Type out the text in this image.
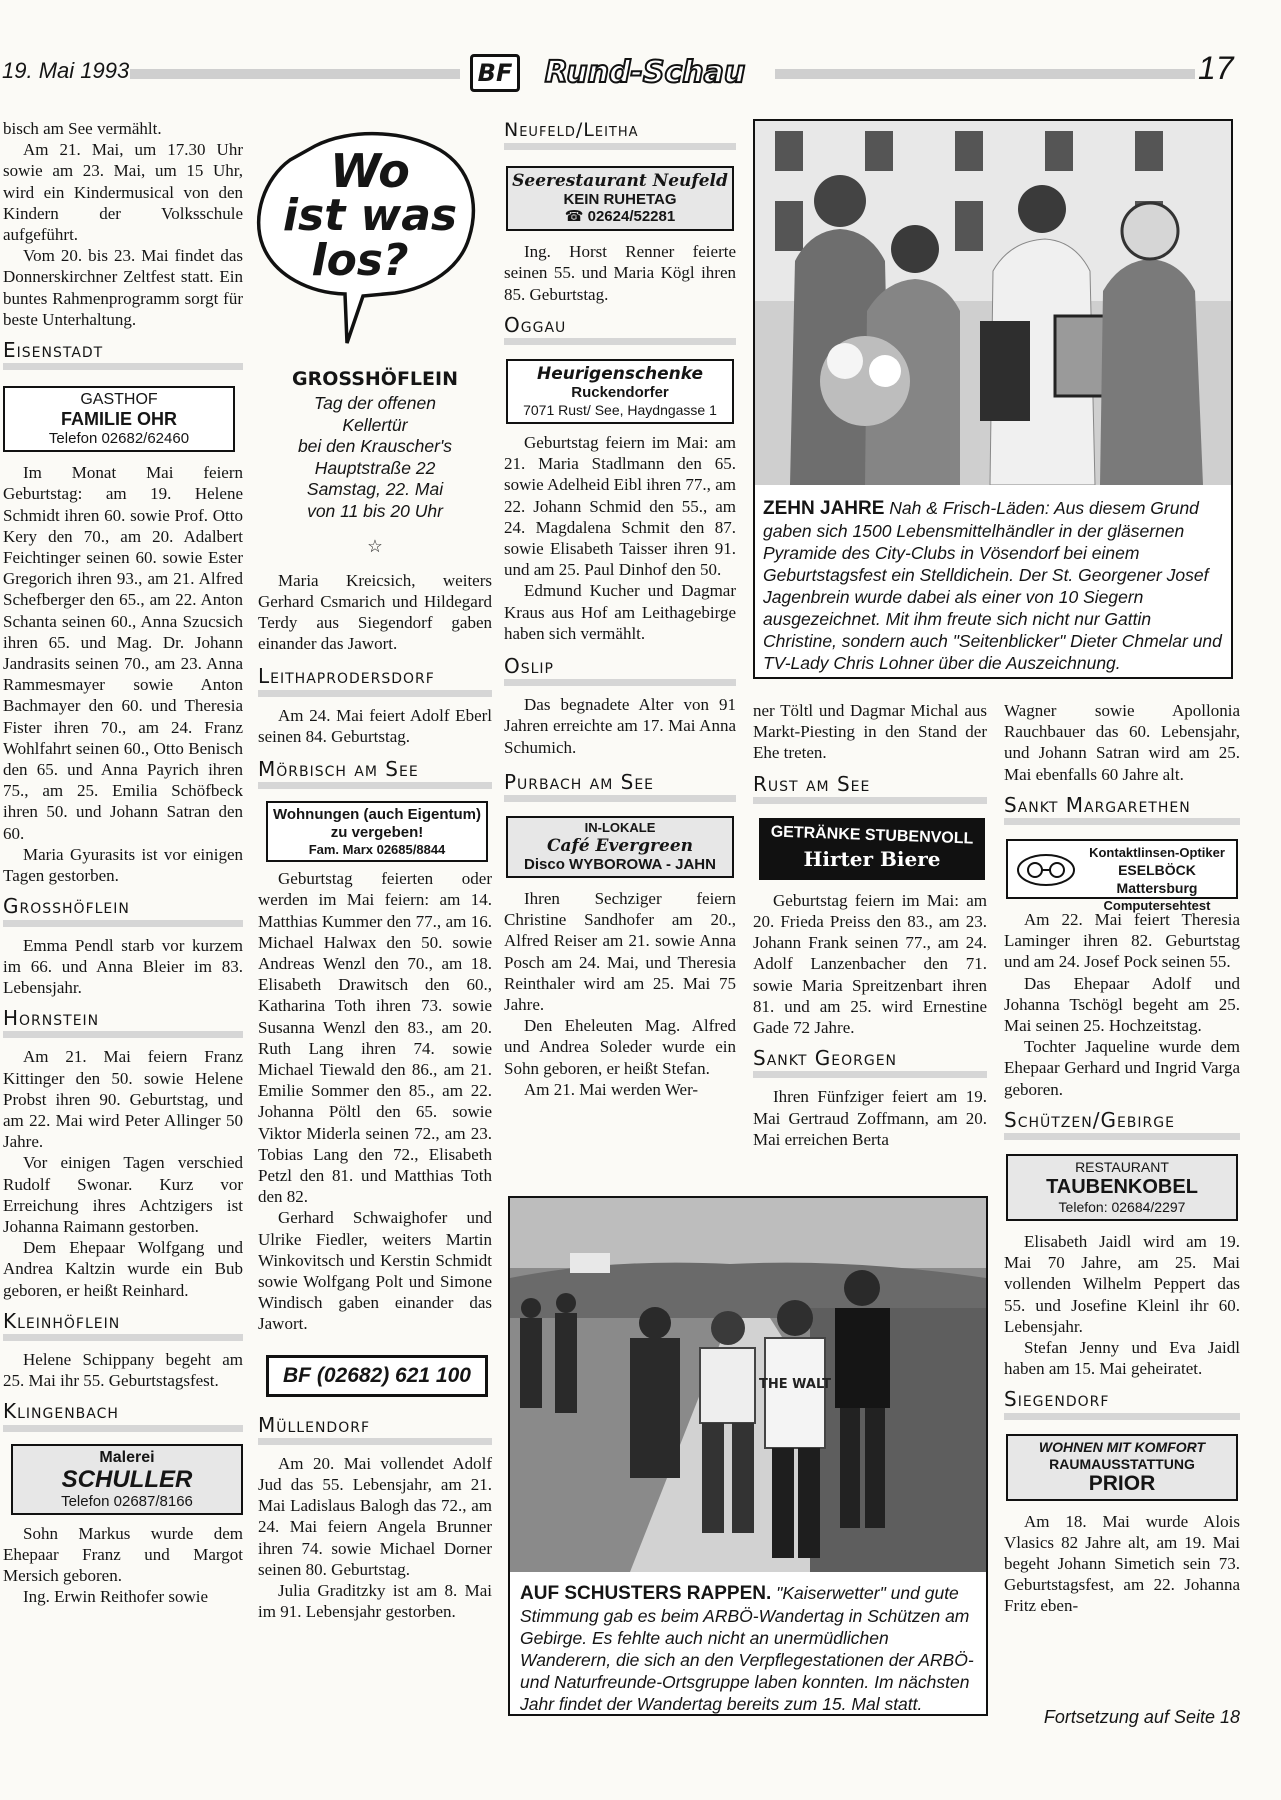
19. Mai 1993	BF	Rund-Schau	17

bisch am See vermählt.

Am 21. Mai, um 17.30 Uhr sowie am 23. Mai, um 15 Uhr, wird ein Kindermusical von den Kindern der Volksschule aufgeführt.

Vom 20. bis 23. Mai findet das Donnerskirchner Zeltfest statt. Ein buntes Rahmenprogramm sorgt für beste Unterhaltung.

Eisenstadt
GASTHOF
FAMILIE OHR
Telefon 02682/62460

Im Monat Mai feiern Geburtstag: am 19. Helene Schmidt ihren 60. sowie Prof. Otto Kery den 70., am 20. Adalbert Feichtinger seinen 60. sowie Ester Gregorich ihren 93., am 21. Alfred Schefberger den 65., am 22. Anton Schanta seinen 60., Anna Szucsich ihren 65. und Mag. Dr. Johann Jandrasits seinen 70., am 23. Anna Rammesmayer sowie Anton Bachmayer den 60. und Theresia Fister ihren 70., am 24. Franz Wohlfahrt seinen 60., Otto Benisch den 65. und Anna Payrich ihren 75., am 25. Emilia Schöfbeck ihren 50. und Johann Satran den 60.

Maria Gyurasits ist vor einigen Tagen gestorben.

Grosshöflein

Emma Pendl starb vor kurzem im 66. und Anna Bleier im 83. Lebensjahr.

Hornstein

Am 21. Mai feiern Franz Kittinger den 50. sowie Helene Probst ihren 90. Geburtstag, und am 22. Mai wird Peter Allinger 50 Jahre.

Vor einigen Tagen verschied Rudolf Swonar. Kurz vor Erreichung ihres Achtzigers ist Johanna Raimann gestorben.

Dem Ehepaar Wolfgang und Andrea Kaltzin wurde ein Bub geboren, er heißt Reinhard.

Kleinhöflein

Helene Schippany begeht am 25. Mai ihr 55. Geburtstagsfest.

Klingenbach
Malerei
SCHULLER
Telefon 02687/8166

Sohn Markus wurde dem Ehepaar Franz und Margot Mersich geboren.

Ing. Erwin Reithofer sowie

Wo
ist was
los?
GROSSHÖFLEIN
Tag der offenen
Kellertür
bei den Krauscher's
Hauptstraße 22
Samstag, 22. Mai
von 11 bis 20 Uhr
☆

Maria Kreicsich, weiters Gerhard Csmarich und Hildegard Terdy aus Siegendorf gaben einander das Jawort.

Leithaprodersdorf

Am 24. Mai feiert Adolf Eberl seinen 84. Geburtstag.

Mörbisch am See
Wohnungen (auch Eigentum)
zu vergeben!
Fam. Marx 02685/8844

Geburtstag feierten oder werden im Mai feiern: am 14. Matthias Kummer den 77., am 16. Michael Halwax den 50. sowie Andreas Wenzl den 70., am 18. Elisabeth Drawitsch den 60., Katharina Toth ihren 73. sowie Susanna Wenzl den 83., am 20. Ruth Lang ihren 74. sowie Michael Tiewald den 86., am 21. Emilie Sommer den 85., am 22. Johanna Pöltl den 65. sowie Viktor Miderla seinen 72., am 23. Tobias Lang den 72., Elisabeth Petzl den 81. und Matthias Toth den 82.

Gerhard Schwaighofer und Ulrike Fiedler, weiters Martin Winkovitsch und Kerstin Schmidt sowie Wolfgang Polt und Simone Windisch gaben einander das Jawort.

BF (02682) 621 100
Müllendorf

Am 20. Mai vollendet Adolf Jud das 55. Lebensjahr, am 21. Mai Ladislaus Balogh das 72., am 24. Mai feiern Angela Brunner ihren 74. sowie Michael Dorner seinen 80. Geburtstag.

Julia Graditzky ist am 8. Mai im 91. Lebensjahr gestorben.

Neufeld/Leitha
Seerestaurant Neufeld
KEIN RUHETAG
☎ 02624/52281

Ing. Horst Renner feierte seinen 55. und Maria Kögl ihren 85. Geburtstag.

Oggau
Heurigenschenke
Ruckendorfer
7071 Rust/ See, Haydngasse 1

Geburtstag feiern im Mai: am 21. Maria Stadlmann den 65. sowie Adelheid Eibl ihren 77., am 22. Johann Schmid den 55., am 24. Magdalena Schmit den 87. sowie Elisabeth Taisser ihren 91. und am 25. Paul Dinhof den 50.

Edmund Kucher und Dagmar Kraus aus Hof am Leithagebirge haben sich vermählt.

Oslip

Das begnadete Alter von 91 Jahren erreichte am 17. Mai Anna Schumich.

Purbach am See
IN-LOKALE
Café Evergreen
Disco WYBOROWA - JAHN

Ihren Sechziger feiern Christine Sandhofer am 20., Alfred Reiser am 21. sowie Anna Posch am 24. Mai, und Theresia Reinthaler wird am 25. Mai 75 Jahre.

Den Eheleuten Mag. Alfred und Andrea Soleder wurde ein Sohn geboren, er heißt Stefan.

Am 21. Mai werden Wer-

ZEHN JAHRE Nah & Frisch-Läden: Aus diesem Grund gaben sich 1500 Lebensmittelhändler in der gläsernen Pyramide des City-Clubs in Vösendorf bei einem Geburtstagsfest ein Stelldichein. Der St. Georgener Josef Jagenbrein wurde dabei als einer von 10 Siegern ausgezeichnet. Mit ihm freute sich nicht nur Gattin Christine, sondern auch "Seitenblicker" Dieter Chmelar und TV-Lady Chris Lohner über die Auszeichnung.

ner Töltl und Dagmar Michal aus Markt-Piesting in den Stand der Ehe treten.

Rust am See
GETRÄNKE STUBENVOLL
Hirter Biere

Geburtstag feiern im Mai: am 20. Frieda Preiss den 83., am 23. Johann Frank seinen 77., am 24. Adolf Lanzenbacher den 71. sowie Maria Spreitzenbart ihren 81. und am 25. wird Ernestine Gade 72 Jahre.

Sankt Georgen

Ihren Fünfziger feiert am 19. Mai Gertraud Zoffmann, am 20. Mai erreichen Berta

Wagner sowie Apollonia Rauchbauer das 60. Lebensjahr, und Johann Satran wird am 25. Mai ebenfalls 60 Jahre alt.

Sankt Margarethen
Kontaktlinsen-Optiker
ESELBÖCK Mattersburg
Computersehtest

Am 22. Mai feiert Theresia Laminger ihren 82. Geburtstag und am 24. Josef Pock seinen 55.

Das Ehepaar Adolf und Johanna Tschögl begeht am 25. Mai seinen 25. Hochzeitstag.

Tochter Jaqueline wurde dem Ehepaar Gerhard und Ingrid Varga geboren.

Schützen/Gebirge
RESTAURANT
TAUBENKOBEL
Telefon: 02684/2297

Elisabeth Jaidl wird am 19. Mai 70 Jahre, am 25. Mai vollenden Wilhelm Peppert das 55. und Josefine Kleinl ihr 60. Lebensjahr.

Stefan Jenny und Eva Jaidl haben am 15. Mai geheiratet.

Siegendorf
WOHNEN MIT KOMFORT
RAUMAUSSTATTUNG
PRIOR

Am 18. Mai wurde Alois Vlasics 82 Jahre alt, am 19. Mai begeht Johann Simetich sein 73. Geburtstagsfest, am 22. Johanna Fritz eben-

Fortsetzung auf Seite 18
THE WALT
AUF SCHUSTERS RAPPEN. "Kaiserwetter" und gute Stimmung gab es beim ARBÖ-Wandertag in Schützen am Gebirge. Es fehlte auch nicht an unermüdlichen Wanderern, die sich an den Verpflegestationen der ARBÖ- und Naturfreunde-Ortsgruppe laben konnten. Im nächsten Jahr findet der Wandertag bereits zum 15. Mal statt.
